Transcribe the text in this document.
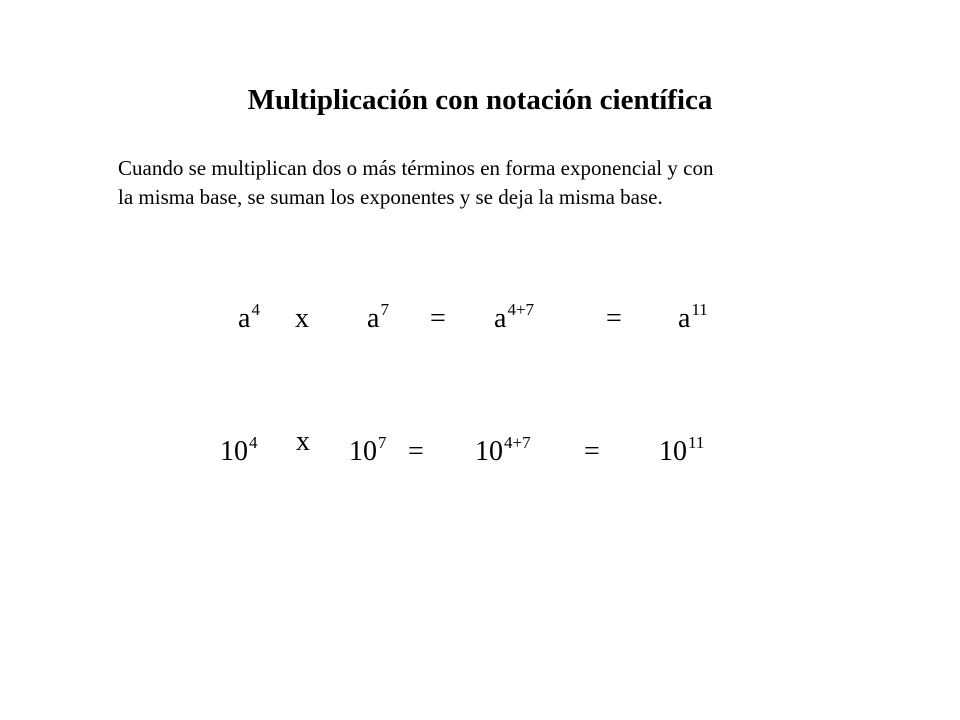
Multiplicación con notación científica
Cuando se multiplican dos o más términos en forma exponencial y con
la misma base, se suman los exponentes y se deja la misma base.
$a^4$ x $a^7 = a^{4+7}$	= $a^{11}$
$10^4$ x $10^7 = 10^{4+7} = 10^{11}$
